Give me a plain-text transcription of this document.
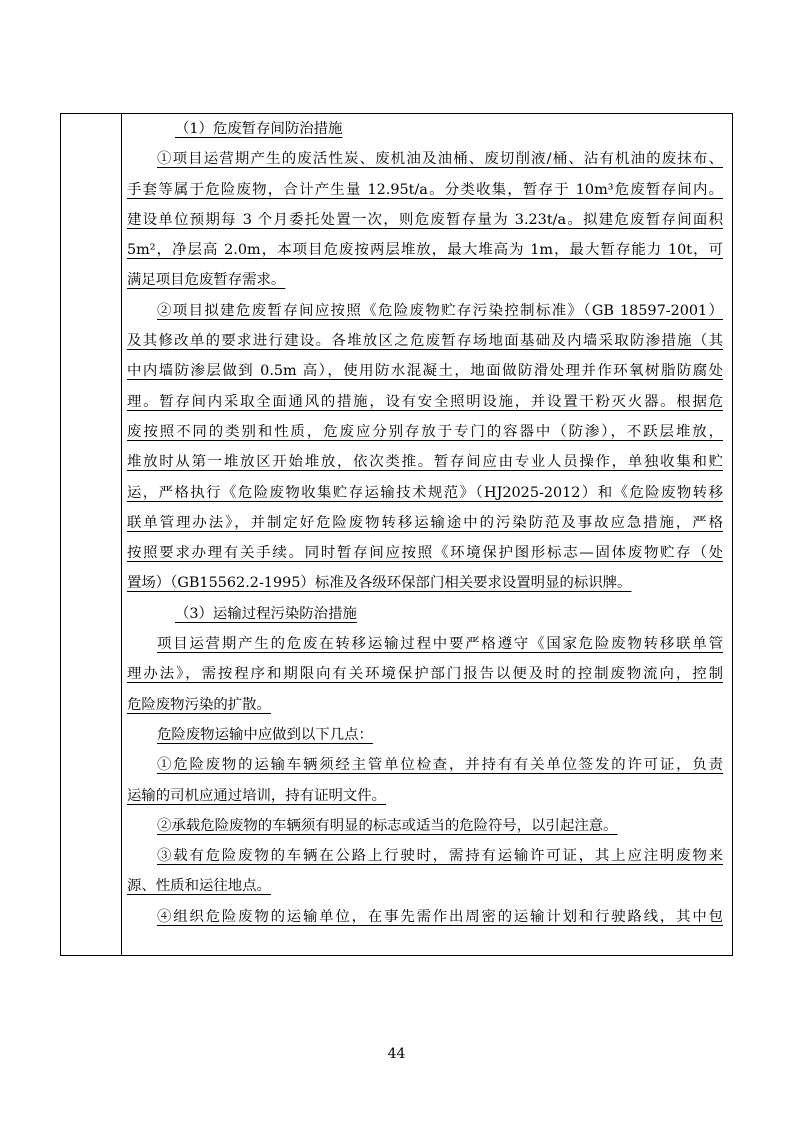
（1）危废暂存间防治措施
①项目运营期产生的废活性炭、废机油及油桶、废切削液/桶、沾有机油的废抹布、
手套等属于危险废物，合计产生量 12.95t/a。分类收集，暂存于 10m³危废暂存间内。
建设单位预期每 3 个月委托处置一次，则危废暂存量为 3.23t/a。拟建危废暂存间面积
5m²，净层高 2.0m，本项目危废按两层堆放，最大堆高为 1m，最大暂存能力 10t，可
满足项目危废暂存需求。
②项目拟建危废暂存间应按照《危险废物贮存污染控制标准》（GB 18597-2001）
及其修改单的要求进行建设。各堆放区之危废暂存场地面基础及内墙采取防渗措施（其
中内墙防渗层做到 0.5m 高），使用防水混凝土，地面做防滑处理并作环氧树脂防腐处
理。暂存间内采取全面通风的措施，设有安全照明设施，并设置干粉灭火器。根据危
废按照不同的类别和性质，危废应分别存放于专门的容器中（防渗），不跃层堆放，
堆放时从第一堆放区开始堆放，依次类推。暂存间应由专业人员操作，单独收集和贮
运，严格执行《危险废物收集贮存运输技术规范》（HJ2025-2012）和《危险废物转移
联单管理办法》，并制定好危险废物转移运输途中的污染防范及事故应急措施，严格
按照要求办理有关手续。同时暂存间应按照《环境保护图形标志—固体废物贮存（处
置场）（GB15562.2-1995）标准及各级环保部门相关要求设置明显的标识牌。
（3）运输过程污染防治措施
项目运营期产生的危废在转移运输过程中要严格遵守《国家危险废物转移联单管
理办法》，需按程序和期限向有关环境保护部门报告以便及时的控制废物流向，控制
危险废物污染的扩散。
危险废物运输中应做到以下几点：
①危险废物的运输车辆须经主管单位检查，并持有有关单位签发的许可证，负责
运输的司机应通过培训，持有证明文件。
②承载危险废物的车辆须有明显的标志或适当的危险符号，以引起注意。
③载有危险废物的车辆在公路上行驶时，需持有运输许可证，其上应注明废物来
源、性质和运往地点。
④组织危险废物的运输单位，在事先需作出周密的运输计划和行驶路线，其中包
44
